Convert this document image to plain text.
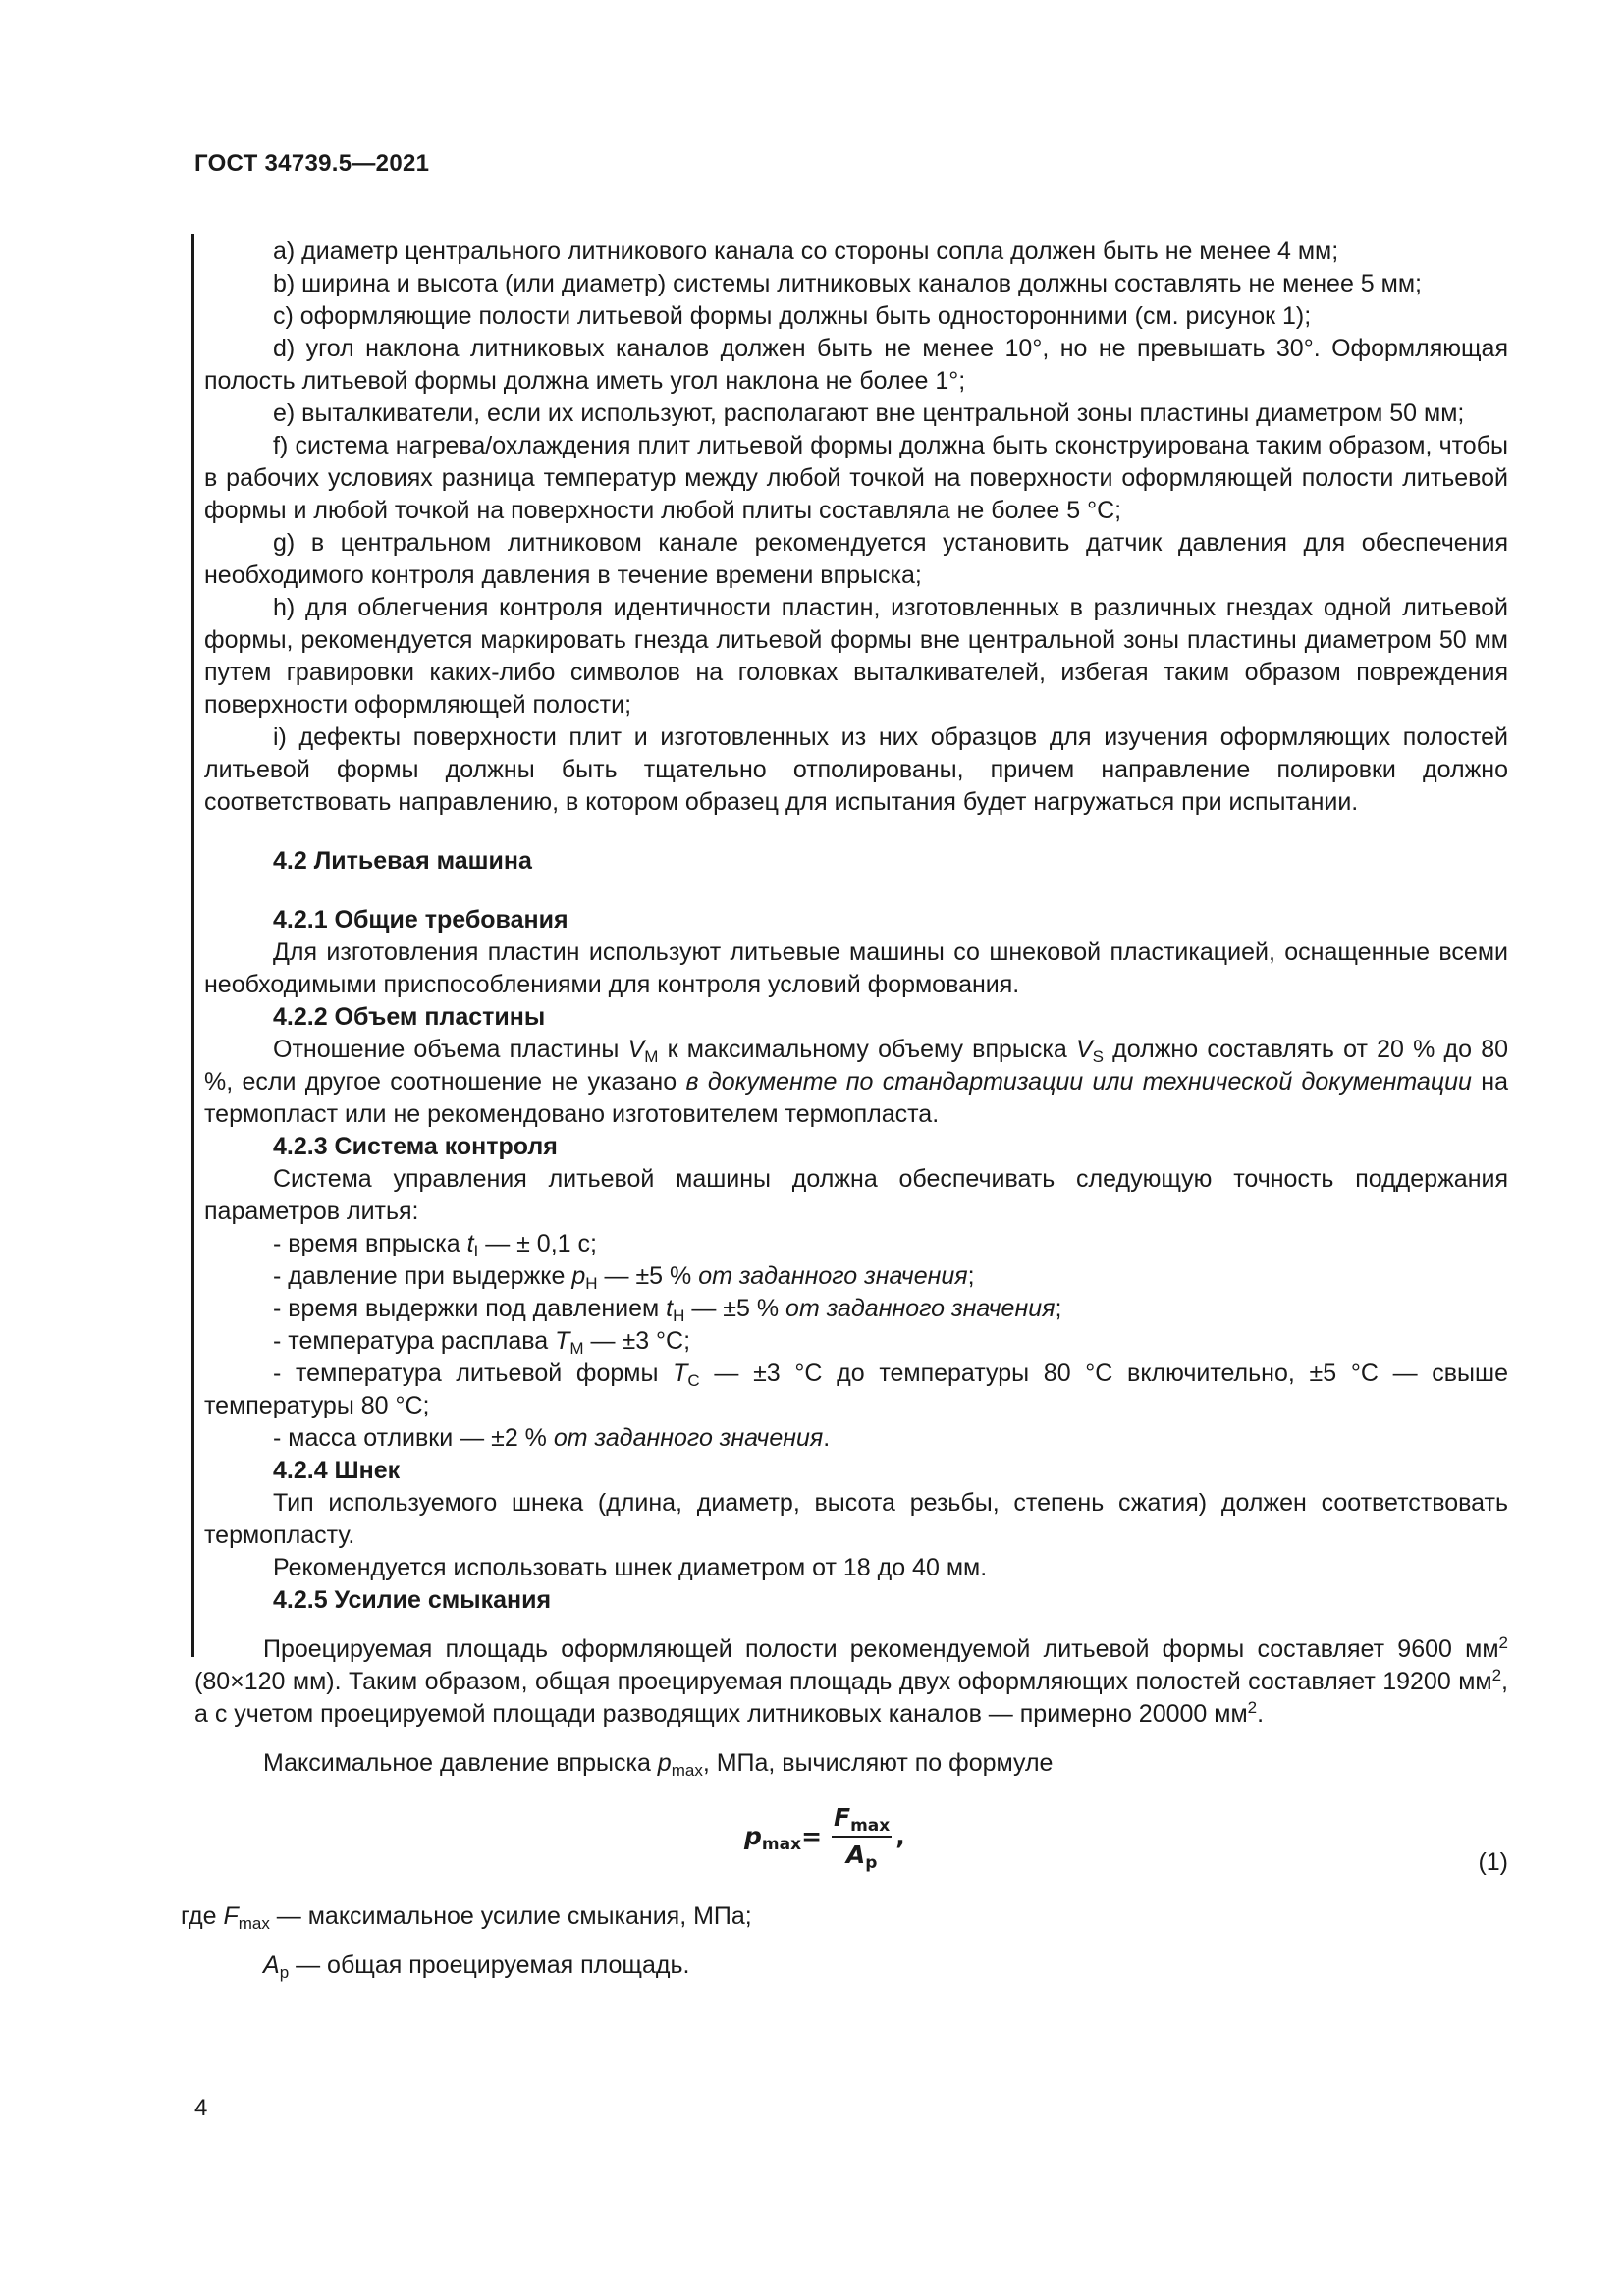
ГОСТ 34739.5—2021

a) диаметр центрального литникового канала со стороны сопла должен быть не менее 4 мм;

b) ширина и высота (или диаметр) системы литниковых каналов должны составлять не менее 5 мм;

c) оформляющие полости литьевой формы должны быть односторонними (см. рисунок 1);

d) угол наклона литниковых каналов должен быть не менее 10°, но не превышать 30°. Оформляющая полость литьевой формы должна иметь угол наклона не более 1°;

e) выталкиватели, если их используют, располагают вне центральной зоны пластины диаметром 50 мм;

f) система нагрева/охлаждения плит литьевой формы должна быть сконструирована таким образом, чтобы в рабочих условиях разница температур между любой точкой на поверхности оформляющей полости литьевой формы и любой точкой на поверхности любой плиты составляла не более 5 °C;

g) в центральном литниковом канале рекомендуется установить датчик давления для обеспечения необходимого контроля давления в течение времени впрыска;

h) для облегчения контроля идентичности пластин, изготовленных в различных гнездах одной литьевой формы, рекомендуется маркировать гнезда литьевой формы вне центральной зоны пластины диаметром 50 мм путем гравировки каких-либо символов на головках выталкивателей, избегая таким образом повреждения поверхности оформляющей полости;

i) дефекты поверхности плит и изготовленных из них образцов для изучения оформляющих полостей литьевой формы должны быть тщательно отполированы, причем направление полировки должно соответствовать направлению, в котором образец для испытания будет нагружаться при испытании.

4.2 Литьевая машина

4.2.1 Общие требования

Для изготовления пластин используют литьевые машины со шнековой пластикацией, оснащенные всеми необходимыми приспособлениями для контроля условий формования.

4.2.2 Объем пластины

Отношение объема пластины $V_M$ к максимальному объему впрыска $V_S$ должно составлять от 20 % до 80 %, если другое соотношение не указано в документе по стандартизации или технической документации на термопласт или не рекомендовано изготовителем термопласта.

4.2.3 Система контроля

Система управления литьевой машины должна обеспечивать следующую точность поддержания параметров литья:

- время впрыска $t_I$ — ± 0,1 с;

- давление при выдержке $p_H$ — ±5 % от заданного значения;

- время выдержки под давлением $t_H$ — ±5 % от заданного значения;

- температура расплава $T_M$ — ±3 °C;

- температура литьевой формы $T_C$ — ±3 °C до температуры 80 °C включительно, ±5 °C — свыше температуры 80 °C;

- масса отливки — ±2 % от заданного значения.

4.2.4 Шнек

Тип используемого шнека (длина, диаметр, высота резьбы, степень сжатия) должен соответствовать термопласту.

Рекомендуется использовать шнек диаметром от 18 до 40 мм.

4.2.5 Усилие смыкания

Проецируемая площадь оформляющей полости рекомендуемой литьевой формы составляет 9600 $мм^2$ (80×120 мм). Таким образом, общая проецируемая площадь двух оформляющих полостей составляет 19200 $мм^2$, а с учетом проецируемой площади разводящих литниковых каналов — примерно 20000 $мм^2$.

Максимальное давление впрыска $p_{max}$, МПа, вычисляют по формуле

$p_{max} = \frac{F_{max}}{A_p}$ ,
(1)

где $F_{max}$ — максимальное усилие смыкания, МПа;

$A_p$ — общая проецируемая площадь.

4
